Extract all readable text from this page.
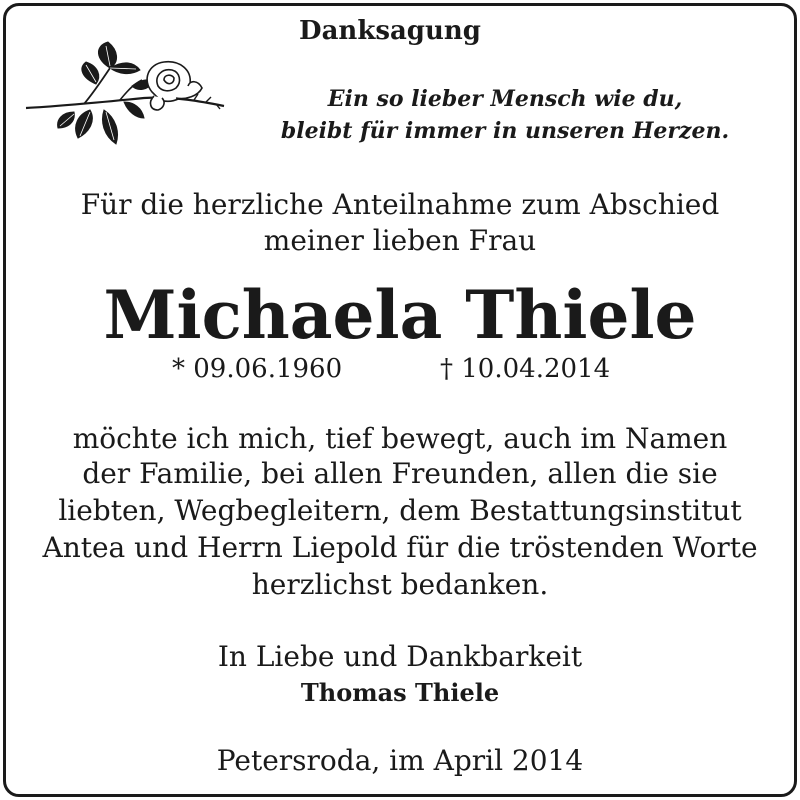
Danksagung
Ein so lieber Mensch wie du,
bleibt für immer in unseren Herzen.
Für die herzliche Anteilnahme zum Abschied
meiner lieben Frau
Michaela Thiele
* 09.06.1960	† 10.04.2014
möchte ich mich, tief bewegt, auch im Namen
der Familie, bei allen Freunden, allen die sie
liebten, Wegbegleitern, dem Bestattungsinstitut
Antea und Herrn Liepold für die tröstenden Worte
herzlichst bedanken.
In Liebe und Dankbarkeit
Thomas Thiele
Petersroda, im April 2014
